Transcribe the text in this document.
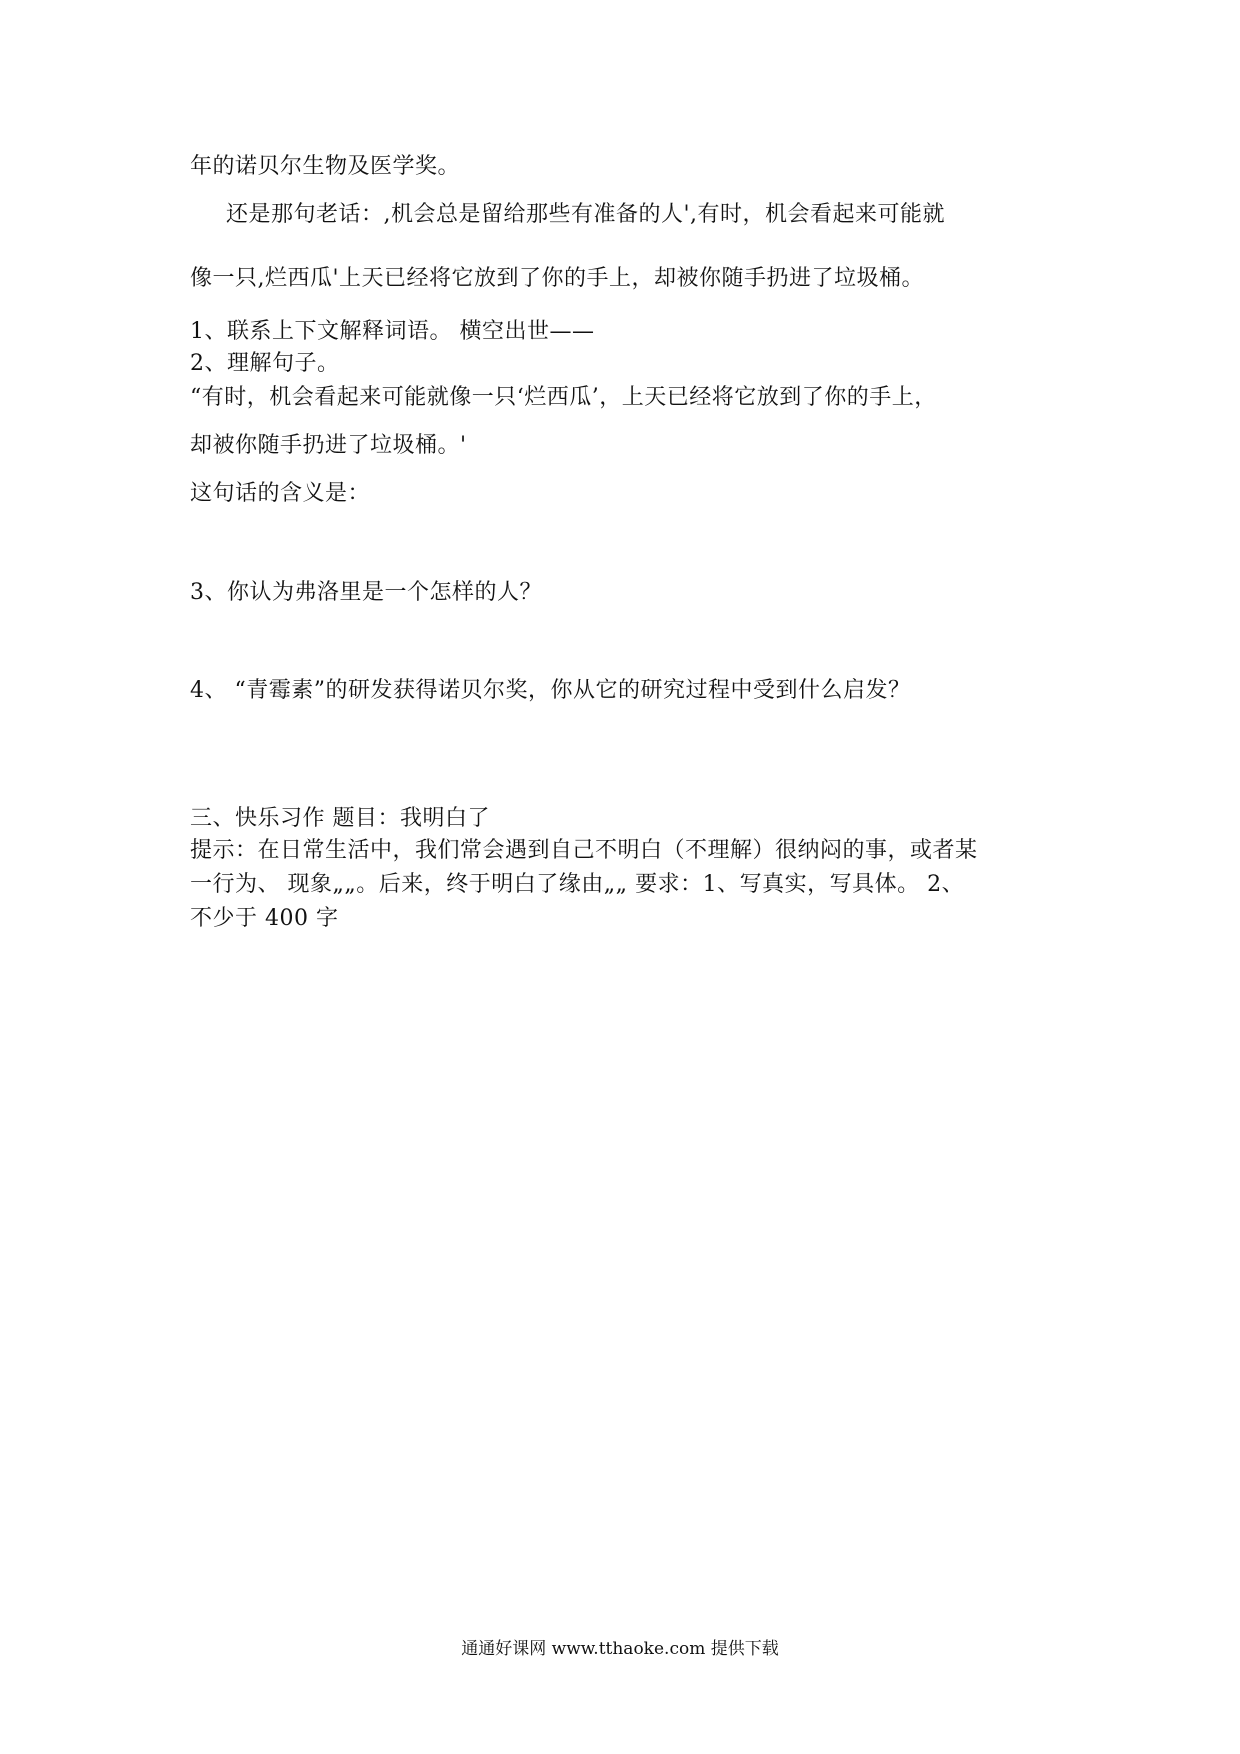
年的诺贝尔生物及医学奖。
还是那句老话：,机会总是留给那些有准备的人',有时，机会看起来可能就
像一只,烂西瓜'上天已经将它放到了你的手上，却被你随手扔进了垃圾桶。
1、联系上下文解释词语。 横空出世——
2、理解句子。
“有时，机会看起来可能就像一只‘烂西瓜’，上天已经将它放到了你的手上，
却被你随手扔进了垃圾桶。'
这句话的含义是：
3、你认为弗洛里是一个怎样的人？
4、 “青霉素”的研发获得诺贝尔奖，你从它的研究过程中受到什么启发？
三、快乐习作 题目：我明白了
提示：在日常生活中，我们常会遇到自己不明白（不理解）很纳闷的事，或者某
一行为、 现象„„。后来，终于明白了缘由„„ 要求：1、写真实，写具体。 2、
不少于 400 字
通通好课网 www.tthaoke.com 提供下载
